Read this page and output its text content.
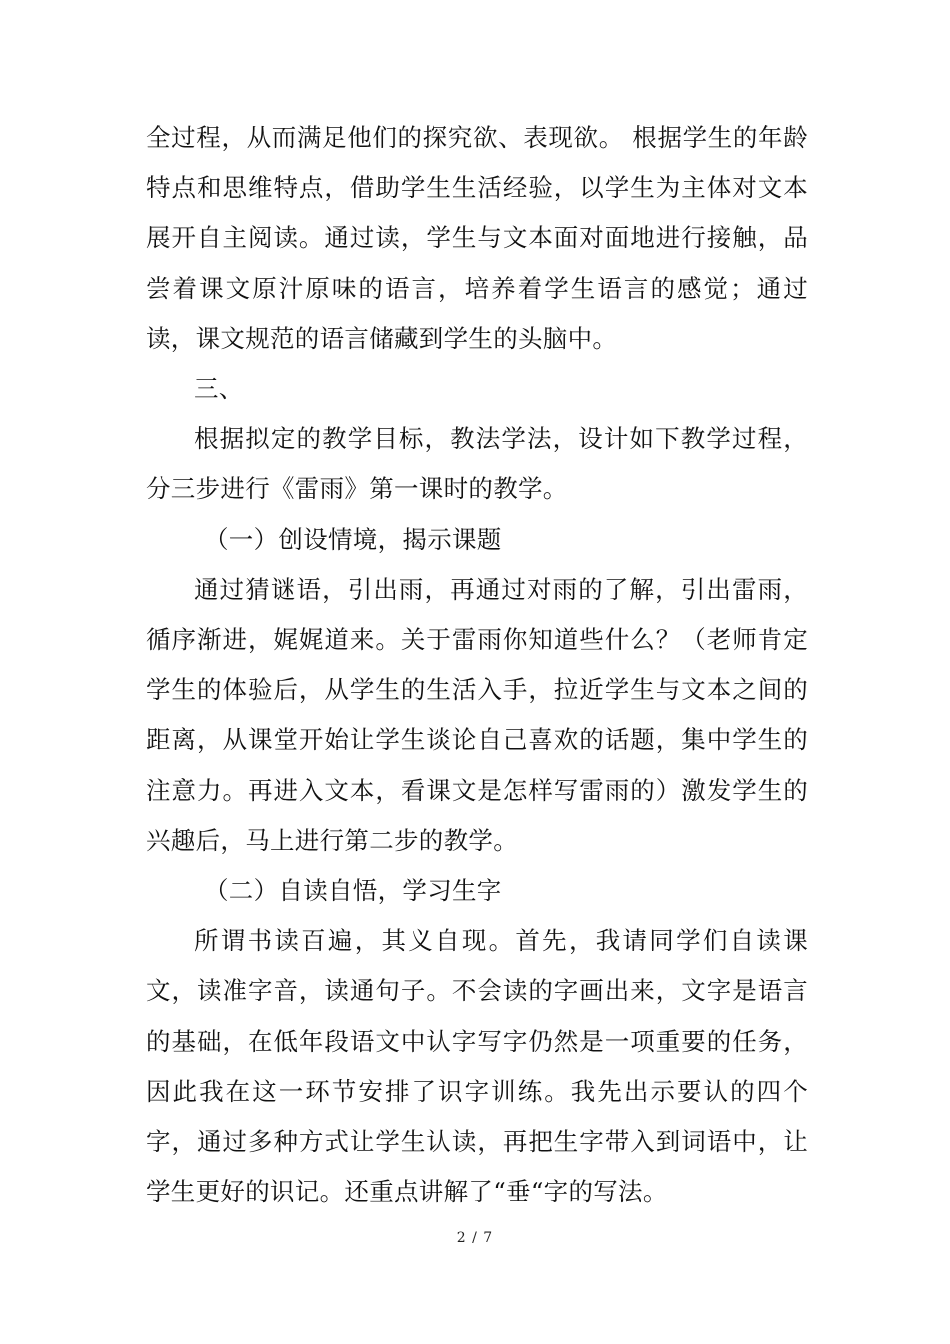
全过程，从而满足他们的探究欲、表现欲。 根据学生的年龄特点和思维特点，借助学生生活经验，以学生为主体对文本展开自主阅读。通过读，学生与文本面对面地进行接触，品尝着课文原汁原味的语言，培养着学生语言的感觉；通过读，课文规范的语言储藏到学生的头脑中。

三、

根据拟定的教学目标，教法学法，设计如下教学过程，分三步进行《雷雨》第一课时的教学。

（一）创设情境，揭示课题

通过猜谜语，引出雨，再通过对雨的了解，引出雷雨，循序渐进，娓娓道来。关于雷雨你知道些什么？（老师肯定学生的体验后，从学生的生活入手，拉近学生与文本之间的距离，从课堂开始让学生谈论自己喜欢的话题，集中学生的注意力。再进入文本，看课文是怎样写雷雨的）激发学生的兴趣后，马上进行第二步的教学。

（二）自读自悟，学习生字

所谓书读百遍，其义自现。首先，我请同学们自读课文，读准字音，读通句子。不会读的字画出来，文字是语言的基础，在低年段语文中认字写字仍然是一项重要的任务，因此我在这一环节安排了识字训练。我先出示要认的四个字，通过多种方式让学生认读，再把生字带入到词语中，让学生更好的识记。还重点讲解了“垂“字的写法。

2 / 7
